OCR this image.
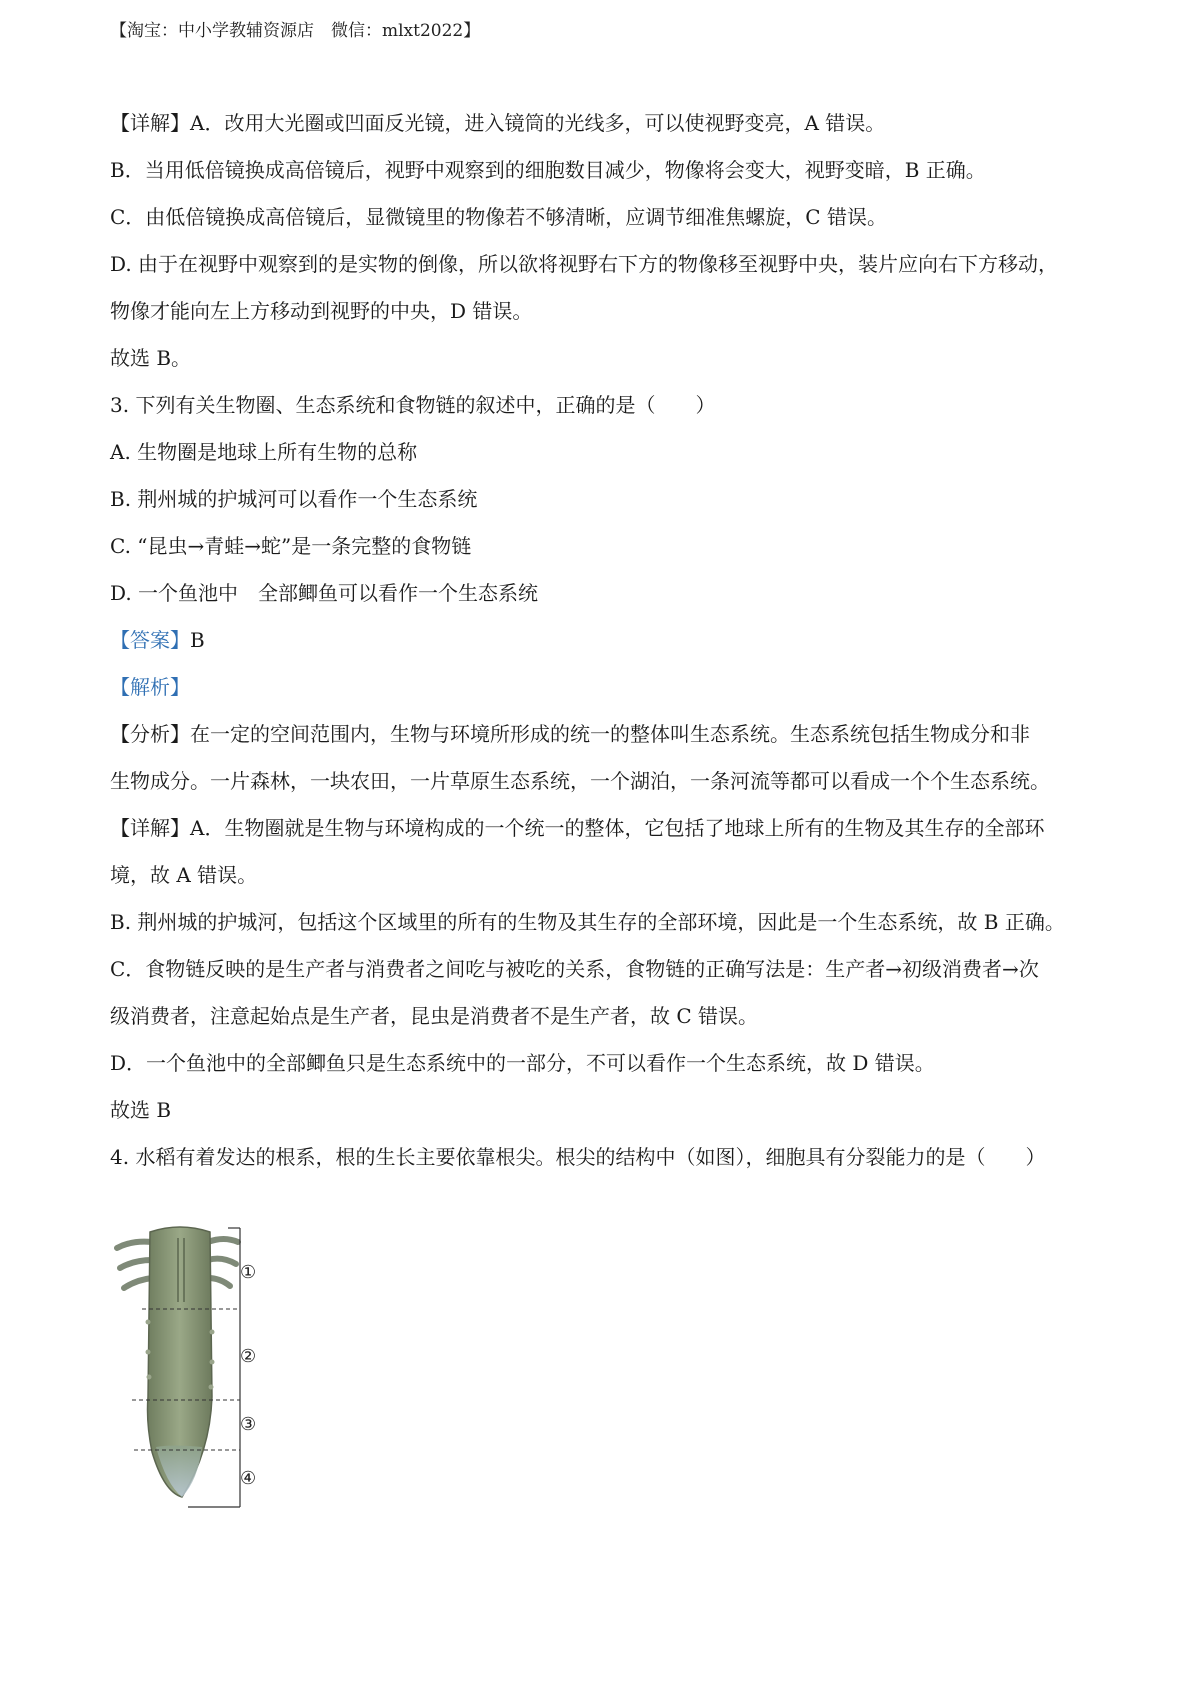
【淘宝：中小学教辅资源店　微信：mlxt2022】

【详解】A．改用大光圈或凹面反光镜，进入镜筒的光线多，可以使视野变亮，A 错误。

B．当用低倍镜换成高倍镜后，视野中观察到的细胞数目减少，物像将会变大，视野变暗，B 正确。

C．由低倍镜换成高倍镜后，显微镜里的物像若不够清晰，应调节细准焦螺旋，C 错误。

D. 由于在视野中观察到的是实物的倒像，所以欲将视野右下方的物像移至视野中央，装片应向右下方移动，

物像才能向左上方移动到视野的中央，D 错误。

故选 B。

3. 下列有关生物圈、生态系统和食物链的叙述中，正确的是（　　）

A. 生物圈是地球上所有生物的总称

B. 荆州城的护城河可以看作一个生态系统

C. “昆虫→青蛙→蛇”是一条完整的食物链

D. 一个鱼池中　全部鲫鱼可以看作一个生态系统

【答案】B

【解析】

【分析】在一定的空间范围内，生物与环境所形成的统一的整体叫生态系统。生态系统包括生物成分和非

生物成分。一片森林，一块农田，一片草原生态系统，一个湖泊，一条河流等都可以看成一个个生态系统。

【详解】A．生物圈就是生物与环境构成的一个统一的整体，它包括了地球上所有的生物及其生存的全部环

境，故 A 错误。

B. 荆州城的护城河，包括这个区域里的所有的生物及其生存的全部环境，因此是一个生态系统，故 B 正确。

C．食物链反映的是生产者与消费者之间吃与被吃的关系，食物链的正确写法是：生产者→初级消费者→次

级消费者，注意起始点是生产者，昆虫是消费者不是生产者，故 C 错误。

D．一个鱼池中的全部鲫鱼只是生态系统中的一部分，不可以看作一个生态系统，故 D 错误。

故选 B

4. 水稻有着发达的根系，根的生长主要依靠根尖。根尖的结构中（如图），细胞具有分裂能力的是（　　）

①
②
③
④
